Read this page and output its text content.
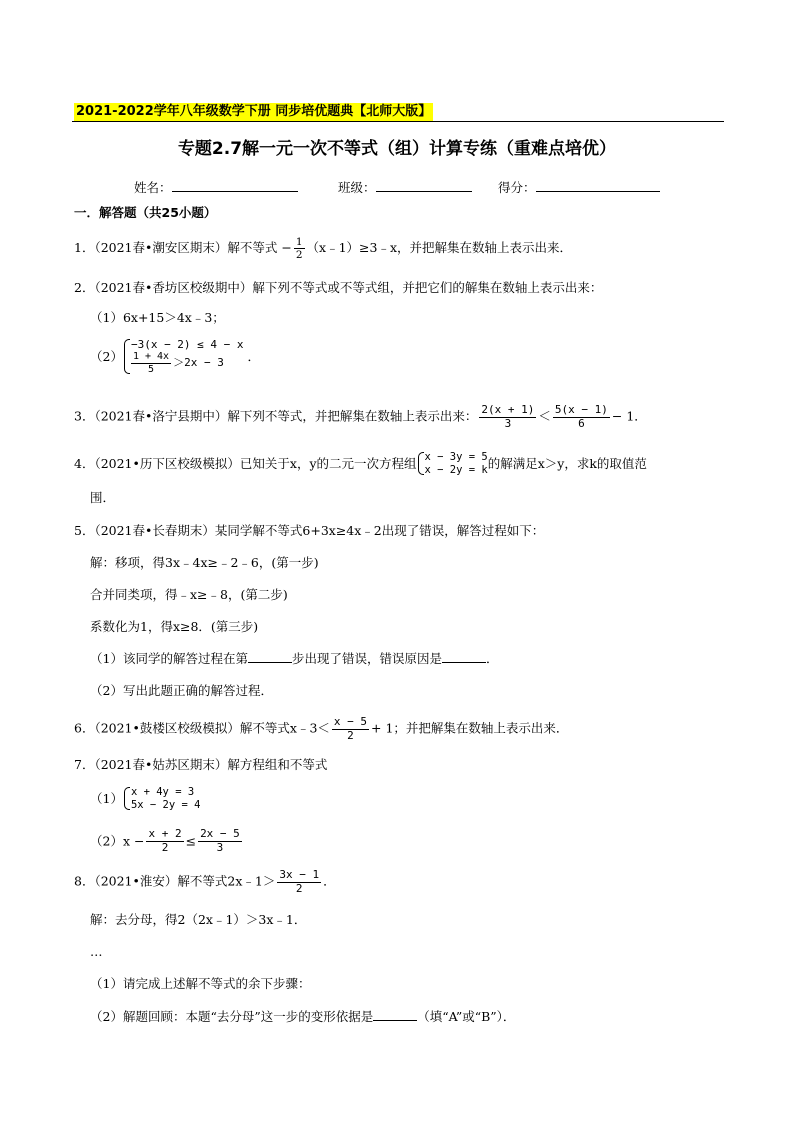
2021-2022学年八年级数学下册 同步培优题典【北师大版】
专题2.7解一元一次不等式（组）计算专练（重难点培优）
姓名：	班级：	得分：
一．解答题（共25小题）
1．（2021春•潮安区期末）解不等式 − $\frac{1}{2}$ （x﹣1）≥3﹣x，并把解集在数轴上表示出来．
2．（2021春•香坊区校级期中）解下列不等式或不等式组，并把它们的解集在数轴上表示出来：
（1）6x+15＞4x﹣3；
（2）
−3(x − 2) ≤ 4 − x
$\frac{1 + 4x}{5} >2x - 3$	．
3．（2021春•洛宁县期中）解下列不等式，并把解集在数轴上表示出来： $\frac{2(x + 1)}{3} < \frac{5(x - 1)}{6} - 1$．
4．（2021•历下区校级模拟）已知关于x，y的二元一次方程组 x − 3y = 5
x − 2y = k 的解满足x＞y，求k的取值范
围．
5．（2021春•长春期末）某同学解不等式6+3x≥4x﹣2出现了错误，解答过程如下：
解：移项，得3x﹣4x≥﹣2﹣6，(第一步)
合并同类项，得﹣x≥﹣8，(第二步)
系数化为1，得x≥8．(第三步)
（1）该同学的解答过程在第	步出现了错误，错误原因是	．
（2）写出此题正确的解答过程．
6．（2021•鼓楼区校级模拟）解不等式x﹣3＜ $\frac{x - 5}{2} + 1$；并把解集在数轴上表示出来．
7．（2021春•姑苏区期末）解方程组和不等式
（1） x + 4y = 3
5x − 2y = 4
$(2)x - \frac{x + 2}{2} \le \frac{2x - 5}{3}$
8．（2021•淮安）解不等式2x﹣1＞ $\frac{3x - 1}{2}$ ．
解：去分母，得2（2x﹣1）＞3x﹣1．
…
（1）请完成上述解不等式的余下步骤：
（2）解题回顾：本题“去分母”这一步的变形依据是	（填“A”或“B”）．
